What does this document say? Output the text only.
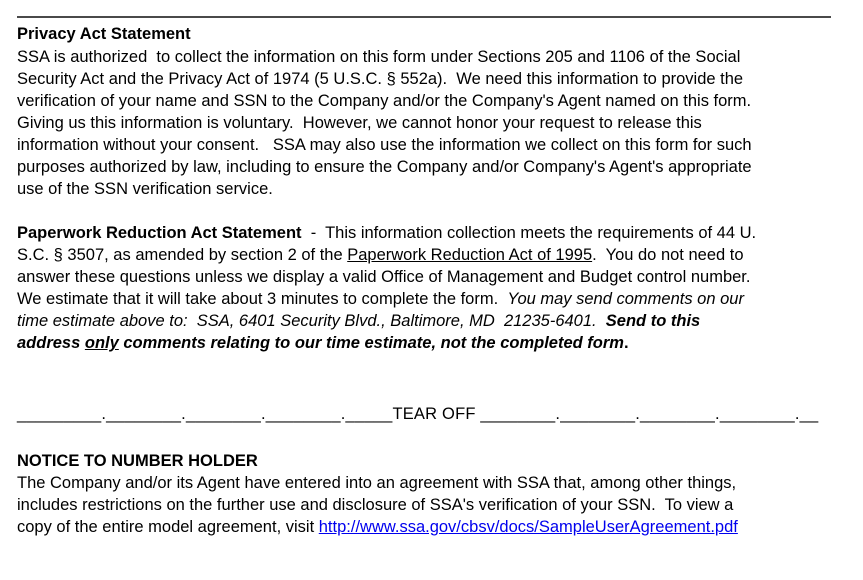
Privacy Act Statement
SSA is authorized  to collect the information on this form under Sections 205 and 1106 of the Social
Security Act and the Privacy Act of 1974 (5 U.S.C. § 552a).  We need this information to provide the
verification of your name and SSN to the Company and/or the Company's Agent named on this form.
Giving us this information is voluntary.  However, we cannot honor your request to release this
information without your consent.   SSA may also use the information we collect on this form for such
purposes authorized by law, including to ensure the Company and/or Company's Agent's appropriate
use of the SSN verification service.
Paperwork Reduction Act Statement  -  This information collection meets the requirements of 44 U.
S.C. § 3507, as amended by section 2 of the Paperwork Reduction Act of 1995.  You do not need to
answer these questions unless we display a valid Office of Management and Budget control number.
We estimate that it will take about 3 minutes to complete the form.  You may send comments on our
time estimate above to:  SSA, 6401 Security Blvd., Baltimore, MD  21235-6401.  Send to this
address only comments relating to our time estimate, not the completed form.
_________.________.________.________._____TEAR OFF ________.________.________.________.__
NOTICE TO NUMBER HOLDER
The Company and/or its Agent have entered into an agreement with SSA that, among other things,
includes restrictions on the further use and disclosure of SSA's verification of your SSN.  To view a
copy of the entire model agreement, visit http://www.ssa.gov/cbsv/docs/SampleUserAgreement.pdf
